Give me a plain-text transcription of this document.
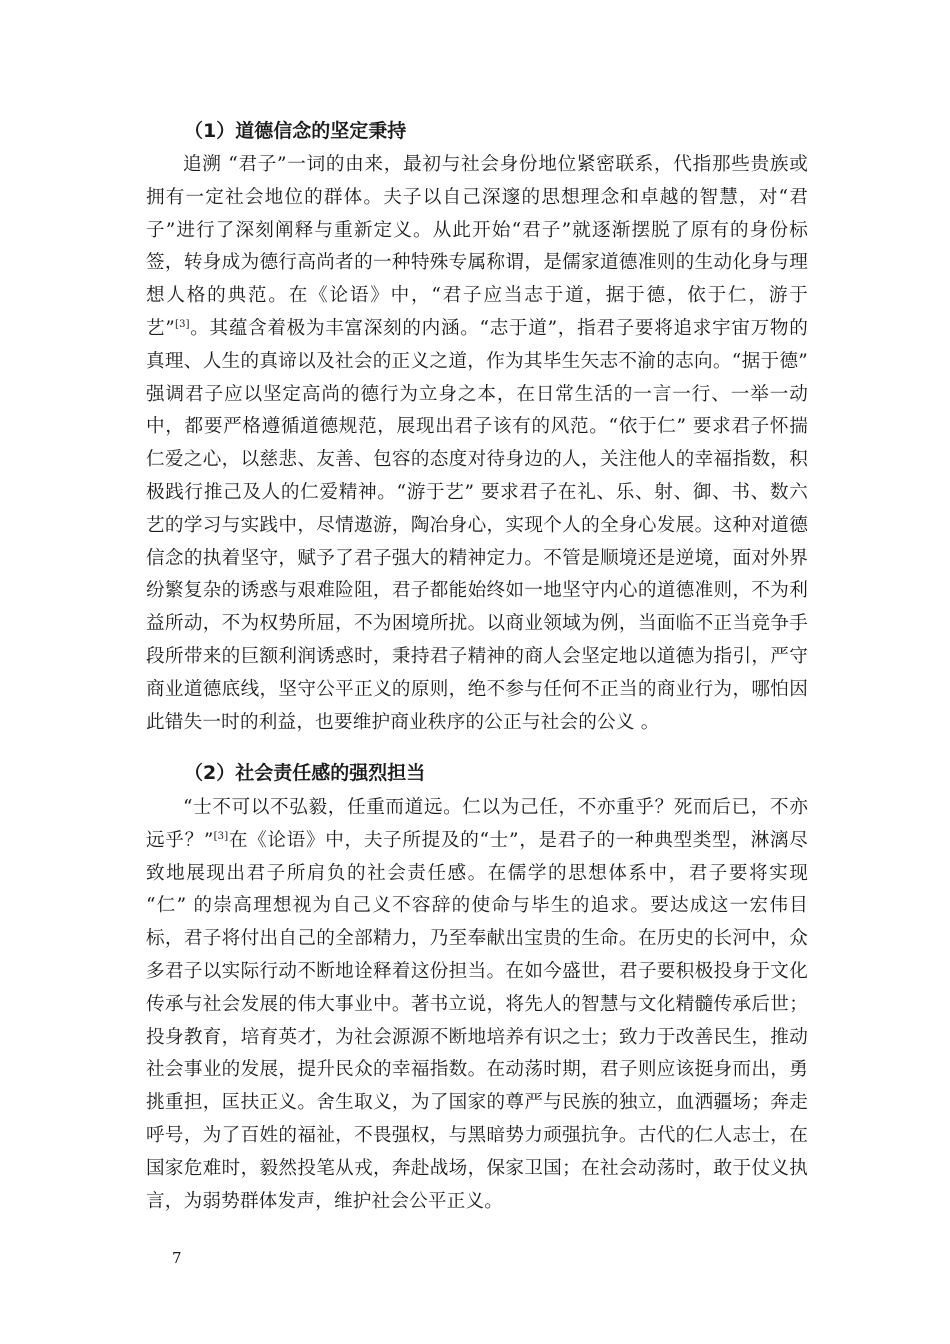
（1）道德信念的坚定秉持

追溯 “君子”一词的由来，最初与社会身份地位紧密联系，代指那些贵族或拥有一定社会地位的群体。夫子以自己深邃的思想理念和卓越的智慧，对“君子”进行了深刻阐释与重新定义。从此开始“君子”就逐渐摆脱了原有的身份标签，转身成为德行高尚者的一种特殊专属称谓，是儒家道德准则的生动化身与理想人格的典范。在《论语》中，“君子应当志于道，据于德，依于仁，游于艺”[3]。其蕴含着极为丰富深刻的内涵。“志于道”，指君子要将追求宇宙万物的真理、人生的真谛以及社会的正义之道，作为其毕生矢志不渝的志向。“据于德” 强调君子应以坚定高尚的德行为立身之本，在日常生活的一言一行、一举一动中，都要严格遵循道德规范，展现出君子该有的风范。“依于仁” 要求君子怀揣仁爱之心，以慈悲、友善、包容的态度对待身边的人，关注他人的幸福指数，积极践行推己及人的仁爱精神。“游于艺” 要求君子在礼、乐、射、御、书、数六艺的学习与实践中，尽情遨游，陶冶身心，实现个人的全身心发展。这种对道德信念的执着坚守，赋予了君子强大的精神定力。不管是顺境还是逆境，面对外界纷繁复杂的诱惑与艰难险阻，君子都能始终如一地坚守内心的道德准则，不为利益所动，不为权势所屈，不为困境所扰。以商业领域为例，当面临不正当竞争手段所带来的巨额利润诱惑时，秉持君子精神的商人会坚定地以道德为指引，严守商业道德底线，坚守公平正义的原则，绝不参与任何不正当的商业行为，哪怕因此错失一时的利益，也要维护商业秩序的公正与社会的公义 。

（2）社会责任感的强烈担当

“士不可以不弘毅，任重而道远。仁以为己任，不亦重乎？死而后已，不亦远乎？”[3]在《论语》中，夫子所提及的“士”，是君子的一种典型类型，淋漓尽致地展现出君子所肩负的社会责任感。在儒学的思想体系中，君子要将实现 “仁” 的崇高理想视为自己义不容辞的使命与毕生的追求。要达成这一宏伟目标，君子将付出自己的全部精力，乃至奉献出宝贵的生命。在历史的长河中，众多君子以实际行动不断地诠释着这份担当。在如今盛世，君子要积极投身于文化传承与社会发展的伟大事业中。著书立说，将先人的智慧与文化精髓传承后世；投身教育，培育英才，为社会源源不断地培养有识之士；致力于改善民生，推动社会事业的发展，提升民众的幸福指数。在动荡时期，君子则应该挺身而出，勇挑重担，匡扶正义。舍生取义，为了国家的尊严与民族的独立，血洒疆场；奔走呼号，为了百姓的福祉，不畏强权，与黑暗势力顽强抗争。古代的仁人志士，在国家危难时，毅然投笔从戎，奔赴战场，保家卫国；在社会动荡时，敢于仗义执言，为弱势群体发声，维护社会公平正义。

7
